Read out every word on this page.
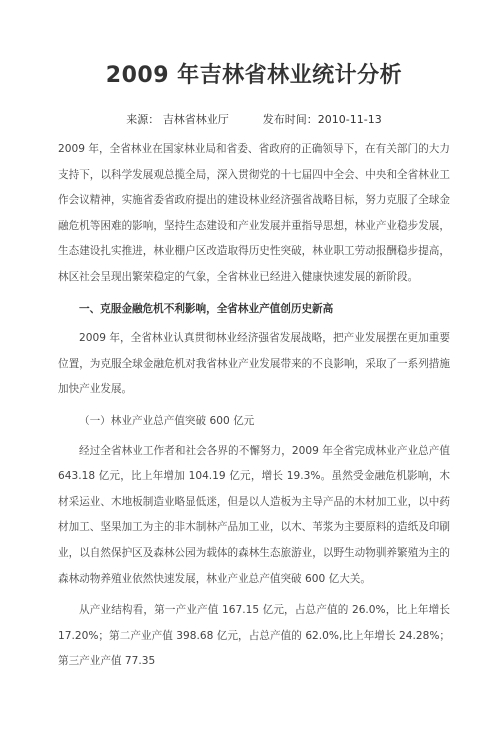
2009 年吉林省林业统计分析
来源： 吉林省林业厅	发布时间：2010-11-13

2009 年，全省林业在国家林业局和省委、省政府的正确领导下，在有关部门的大力支持下，以科学发展观总揽全局，深入贯彻党的十七届四中全会、中央和全省林业工作会议精神，实施省委省政府提出的建设林业经济强省战略目标，努力克服了全球金融危机等困难的影响，坚持生态建设和产业发展并重指导思想，林业产业稳步发展，生态建设扎实推进，林业棚户区改造取得历史性突破，林业职工劳动报酬稳步提高，林区社会呈现出繁荣稳定的气象，全省林业已经进入健康快速发展的新阶段。

一、克服金融危机不利影响，全省林业产值创历史新高

2009 年，全省林业认真贯彻林业经济强省发展战略，把产业发展摆在更加重要位置，为克服全球金融危机对我省林业产业发展带来的不良影响，采取了一系列措施加快产业发展。

（一）林业产业总产值突破 600 亿元

经过全省林业工作者和社会各界的不懈努力，2009 年全省完成林业产业总产值 643.18 亿元，比上年增加 104.19 亿元，增长 19.3%。虽然受金融危机影响，木材采运业、木地板制造业略显低迷，但是以人造板为主导产品的木材加工业，以中药材加工、坚果加工为主的非木制林产品加工业，以木、苇浆为主要原料的造纸及印刷业，以自然保护区及森林公园为载体的森林生态旅游业，以野生动物驯养繁殖为主的森林动物养殖业依然快速发展，林业产业总产值突破 600 亿大关。

从产业结构看，第一产业产值 167.15 亿元，占总产值的 26.0%，比上年增长 17.20%；第二产业产值 398.68 亿元，占总产值的 62.0%,比上年增长 24.28%；第三产业产值 77.35
